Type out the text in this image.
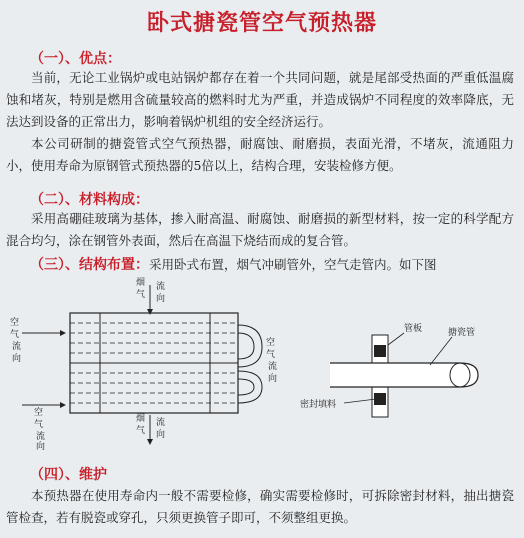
卧式搪瓷管空气预热器
（一）、优点：

当前，无论工业锅炉或电站锅炉都存在着一个共同问题，就是尾部受热面的严重低温腐蚀和堵灰，特别是燃用含硫量较高的燃料时尤为严重，并造成锅炉不同程度的效率降底，无法达到设备的正常出力，影响着锅炉机组的安全经济运行。

本公司研制的搪瓷管式空气预热器，耐腐蚀、耐磨损，表面光滑，不堵灰，流通阻力小，使用寿命为原钢管式预热器的5倍以上，结构合理，安装检修方便。

（二）、材料构成：

采用高硼硅玻璃为基体，掺入耐高温、耐腐蚀、耐磨损的新型材料，按一定的科学配方混合均匀，涂在钢管外表面，然后在高温下烧结而成的复合管。

（三）、结构布置：采用卧式布置，烟气冲刷管外，空气走管内。如下图
空
气
流
向
空
气
流
向
空
气
流
向
烟
气
流
向
烟
气
流
向
管板	搪瓷管
密封填料
（四）、维护

本预热器在使用寿命内一般不需要检修，确实需要检修时，可拆除密封材料，抽出搪瓷管检查，若有脱瓷或穿孔，只须更换管子即可，不须整组更换。
